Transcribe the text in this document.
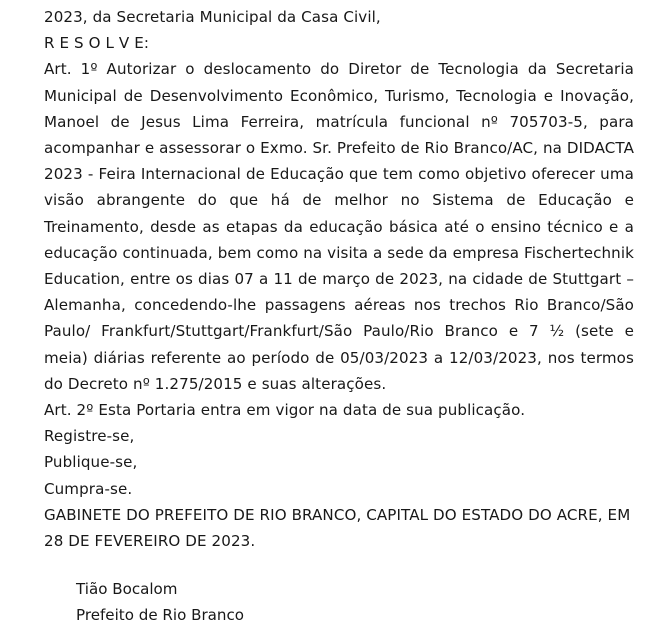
2023, da Secretaria Municipal da Casa Civil,

R E S O L V E:

Art. 1º Autorizar o deslocamento do Diretor de Tecnologia da Secretaria Municipal de Desenvolvimento Econômico, Turismo, Tecnologia e Inovação, Manoel de Jesus Lima Ferreira, matrícula funcional nº 705703-5, para acompanhar e assessorar o Exmo. Sr. Prefeito de Rio Branco/AC, na DIDACTA 2023 - Feira Internacional de Educação que tem como objetivo oferecer uma visão abrangente do que há de melhor no Sistema de Educação e Treinamento, desde as etapas da educação básica até o ensino técnico e a educação continuada, bem como na visita a sede da empresa Fischertechnik Education, entre os dias 07 a 11 de março de 2023, na cidade de Stuttgart – Alemanha, concedendo-lhe passagens aéreas nos trechos Rio Branco/São Paulo/ Frankfurt/Stuttgart/Frankfurt/São Paulo/Rio Branco e 7 ½ (sete e meia) diárias referente ao período de 05/03/2023 a 12/03/2023, nos termos do Decreto nº 1.275/2015 e suas alterações.

Art. 2º Esta Portaria entra em vigor na data de sua publicação.

Registre-se,

Publique-se,

Cumpra-se.

GABINETE DO PREFEITO DE RIO BRANCO, CAPITAL DO ESTADO DO ACRE, EM 28 DE FEVEREIRO DE 2023.

Tião Bocalom

Prefeito de Rio Branco
